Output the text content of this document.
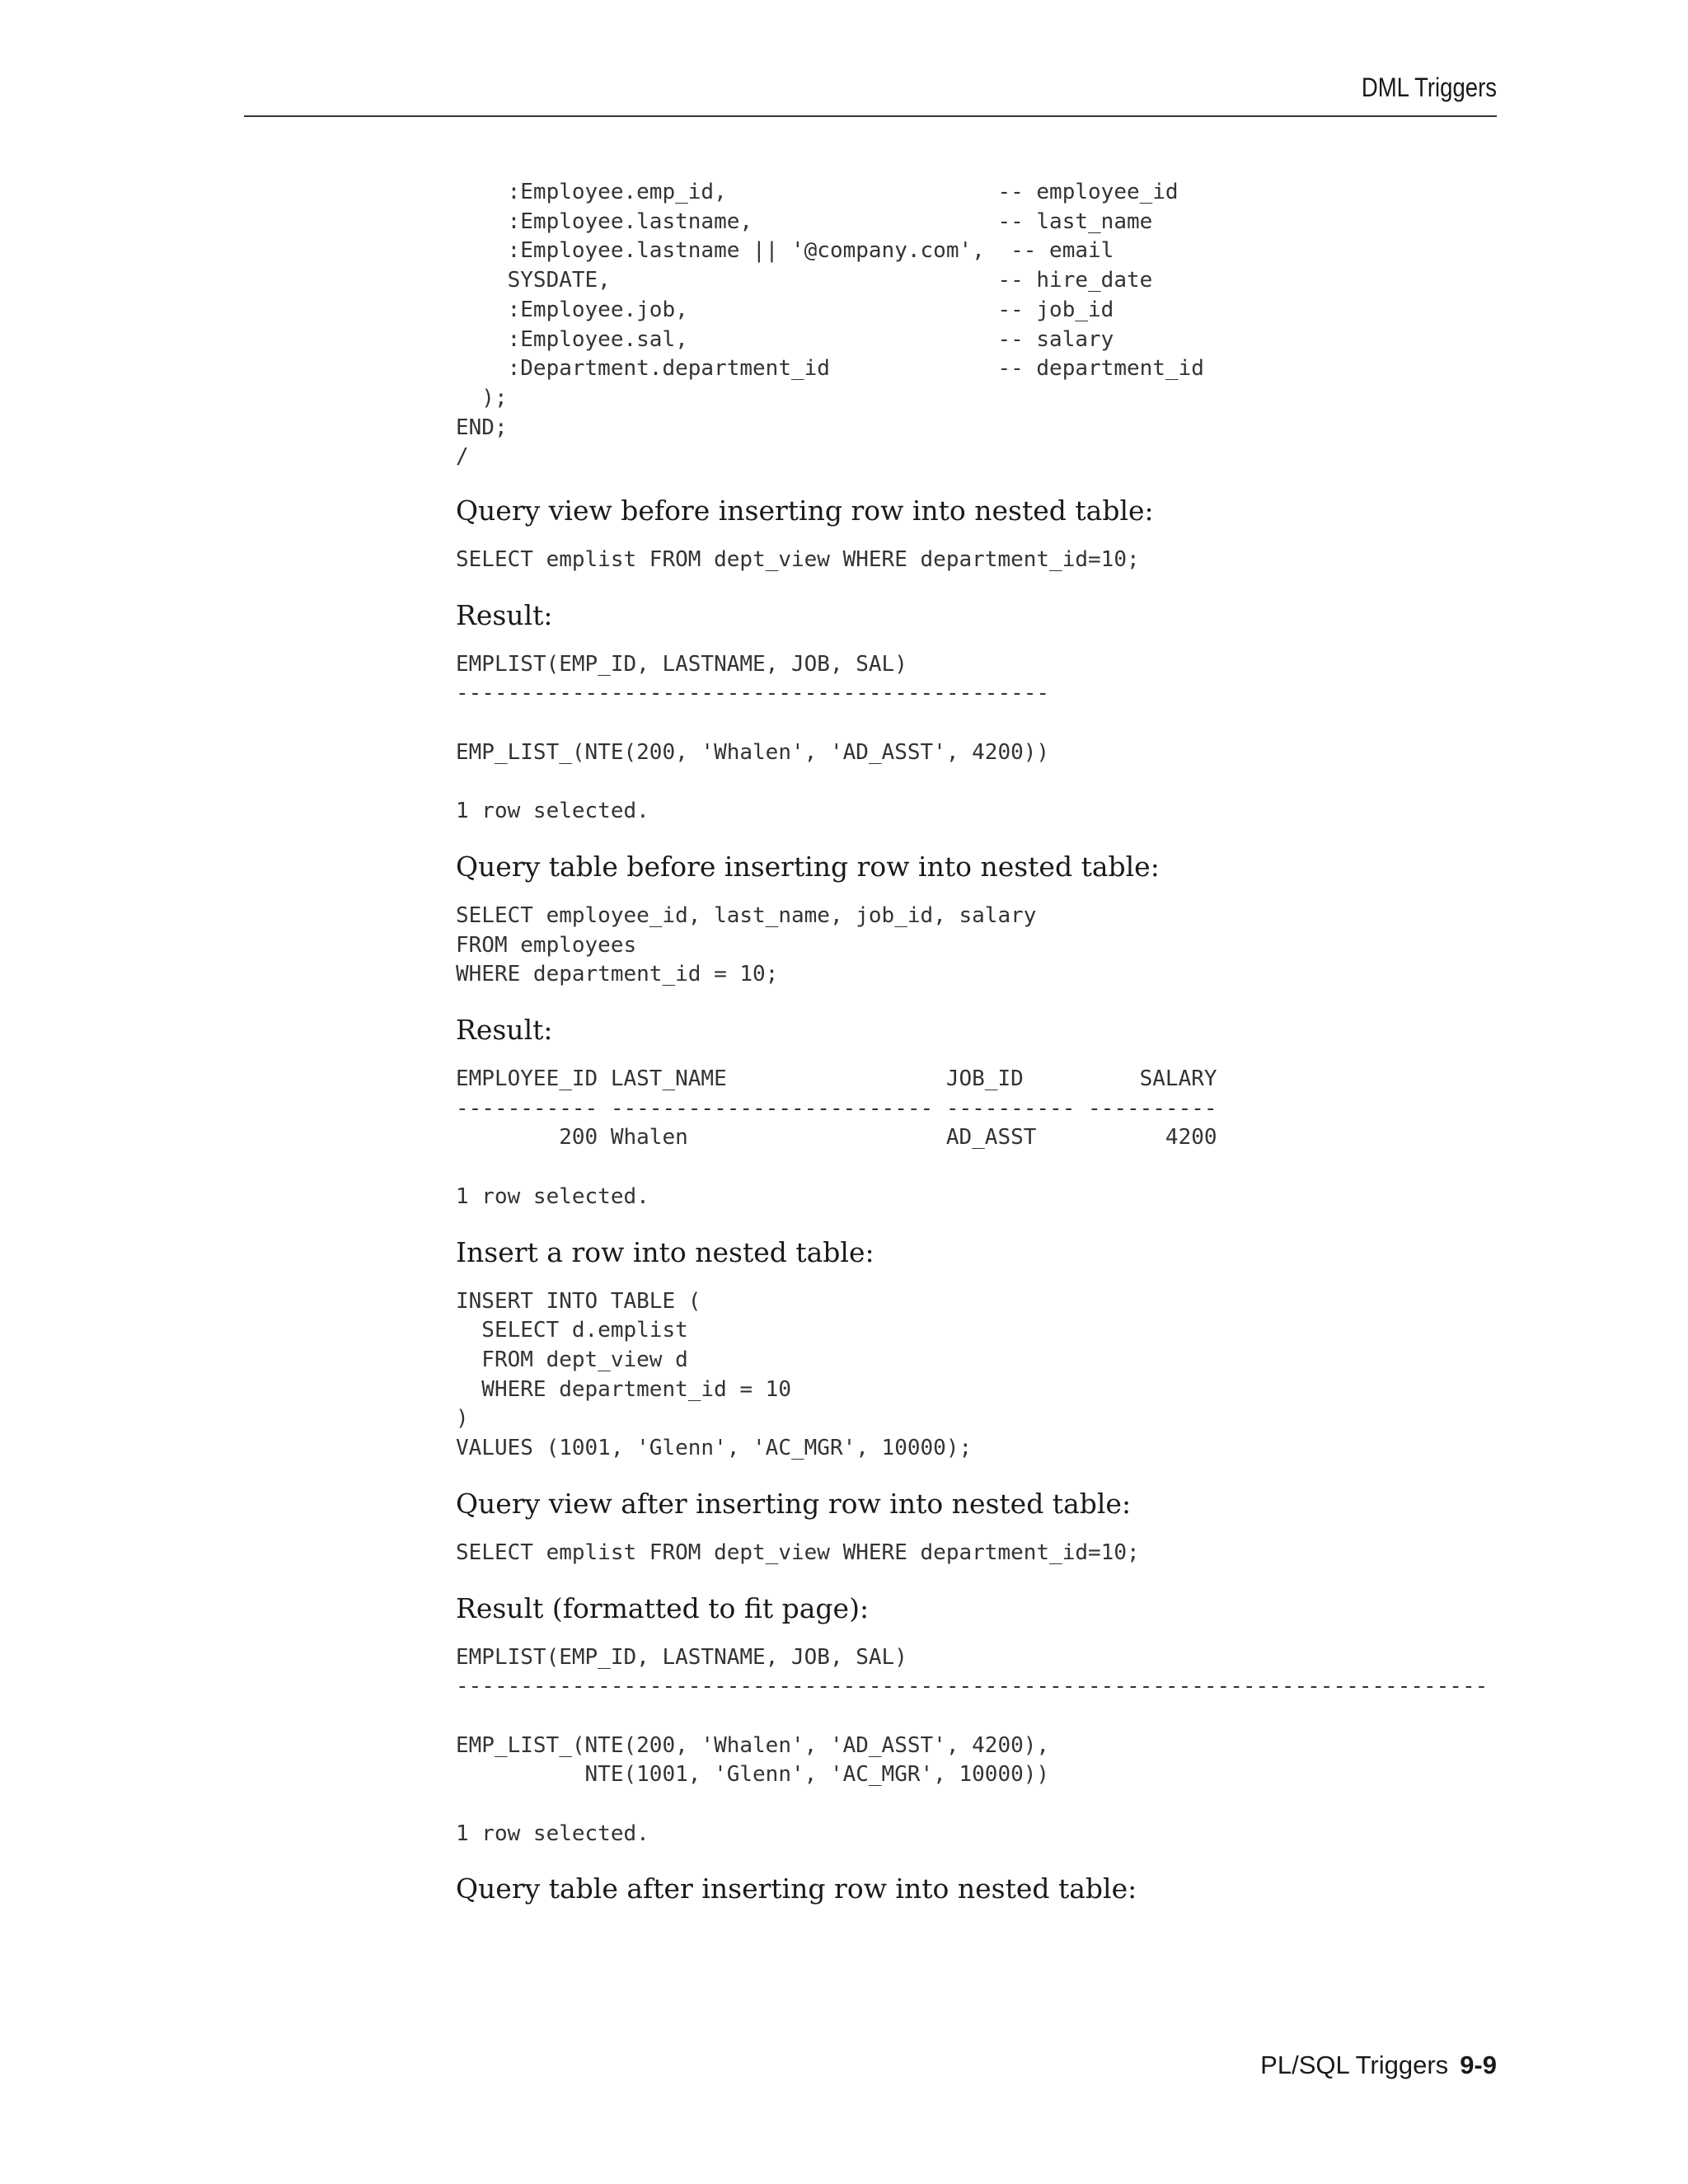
DML Triggers
:Employee.emp_id,                     -- employee_id
:Employee.lastname,                   -- last_name
:Employee.lastname || '@company.com',  -- email
SYSDATE,                              -- hire_date
:Employee.job,                        -- job_id
:Employee.sal,                        -- salary
:Department.department_id             -- department_id
);
END;
/
Query view before inserting row into nested table:
SELECT emplist FROM dept_view WHERE department_id=10;
Result:
EMPLIST(EMP_ID, LASTNAME, JOB, SAL)
----------------------------------------------

EMP_LIST_(NTE(200, 'Whalen', 'AD_ASST', 4200))

1 row selected.
Query table before inserting row into nested table:
SELECT employee_id, last_name, job_id, salary
FROM employees
WHERE department_id = 10;
Result:
EMPLOYEE_ID LAST_NAME                 JOB_ID         SALARY
----------- ------------------------- ---------- ----------
200 Whalen                    AD_ASST          4200

1 row selected.
Insert a row into nested table:
INSERT INTO TABLE (
SELECT d.emplist
FROM dept_view d
WHERE department_id = 10
)
VALUES (1001, 'Glenn', 'AC_MGR', 10000);
Query view after inserting row into nested table:
SELECT emplist FROM dept_view WHERE department_id=10;
Result (formatted to fit page):
EMPLIST(EMP_ID, LASTNAME, JOB, SAL)
--------------------------------------------------------------------------------

EMP_LIST_(NTE(200, 'Whalen', 'AD_ASST', 4200),
NTE(1001, 'Glenn', 'AC_MGR', 10000))

1 row selected.
Query table after inserting row into nested table:
PL/SQL Triggers 9-9
